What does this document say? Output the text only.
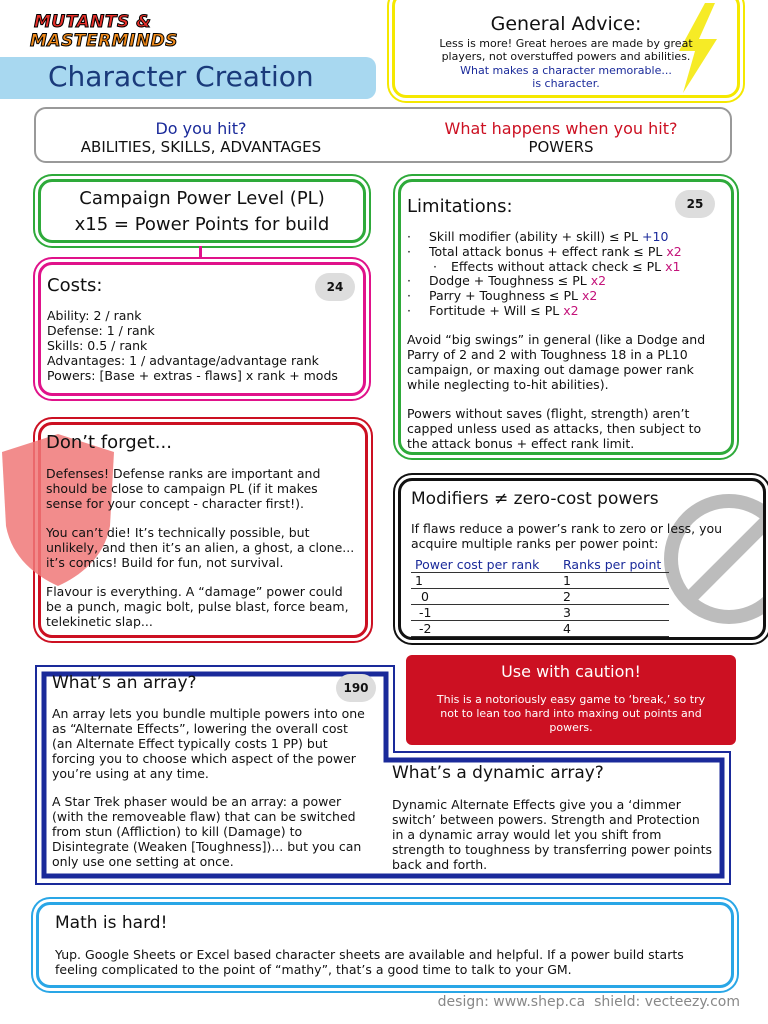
MUTANTS &
MASTERMINDS
Character Creation
General Advice:
Less is more! Great heroes are made by great
players, not overstuffed powers and abilities.
What makes a character memorable...
is character.
Do you hit?
ABILITIES, SKILLS, ADVANTAGES
What happens when you hit?
POWERS
Campaign Power Level (PL)
x15 = Power Points for build
Costs:	24
Ability: 2 / rank
Defense: 1 / rank
Skills: 0.5 / rank
Advantages: 1 / advantage/advantage rank
Powers: [Base + extras - flaws] x rank + mods
Limitations:	25
· Skill modifier (ability + skill) ≤ PL +10
· Total attack bonus + effect rank ≤ PL x2
· Effects without attack check ≤ PL x1
· Dodge + Toughness ≤ PL x2
· Parry + Toughness ≤ PL x2
· Fortitude + Will ≤ PL x2

Avoid “big swings” in general (like a Dodge and Parry of 2 and 2 with Toughness 18 in a PL10 campaign, or maxing out damage power rank while neglecting to-hit abilities).

Powers without saves (flight, strength) aren’t capped unless used as attacks, then subject to the attack bonus + effect rank limit.

Don’t forget...

Defenses! Defense ranks are important and should be close to campaign PL (if it makes sense for your concept - character first!).

You can’t die! It’s technically possible, but unlikely, and then it’s an alien, a ghost, a clone... it’s comics! Build for fun, not survival.

Flavour is everything. A “damage” power could be a punch, magic bolt, pulse blast, force beam, telekinetic slap...

Modifiers ≠ zero-cost powers

If flaws reduce a power’s rank to zero or less, you acquire multiple ranks per power point:

Power cost per rank	Ranks per point
1	1
0	2
-1	3
-2	4
What’s an array?	190

An array lets you bundle multiple powers into one as “Alternate Effects”, lowering the overall cost (an Alternate Effect typically costs 1 PP) but forcing you to choose which aspect of the power you’re using at any time.

A Star Trek phaser would be an array: a power (with the removeable flaw) that can be switched from stun (Affliction) to kill (Damage) to Disintegrate (Weaken [Toughness])... but you can only use one setting at once.

Use with caution!

This is a notoriously easy game to ‘break,’ so try not to lean too hard into maxing out points and powers.

What’s a dynamic array?

Dynamic Alternate Effects give you a ‘dimmer switch’ between powers. Strength and Protection in a dynamic array would let you shift from strength to toughness by transferring power points back and forth.

Math is hard!

Yup. Google Sheets or Excel based character sheets are available and helpful. If a power build starts feeling complicated to the point of “mathy”, that’s a good time to talk to your GM.

design: www.shep.ca  shield: vecteezy.com
